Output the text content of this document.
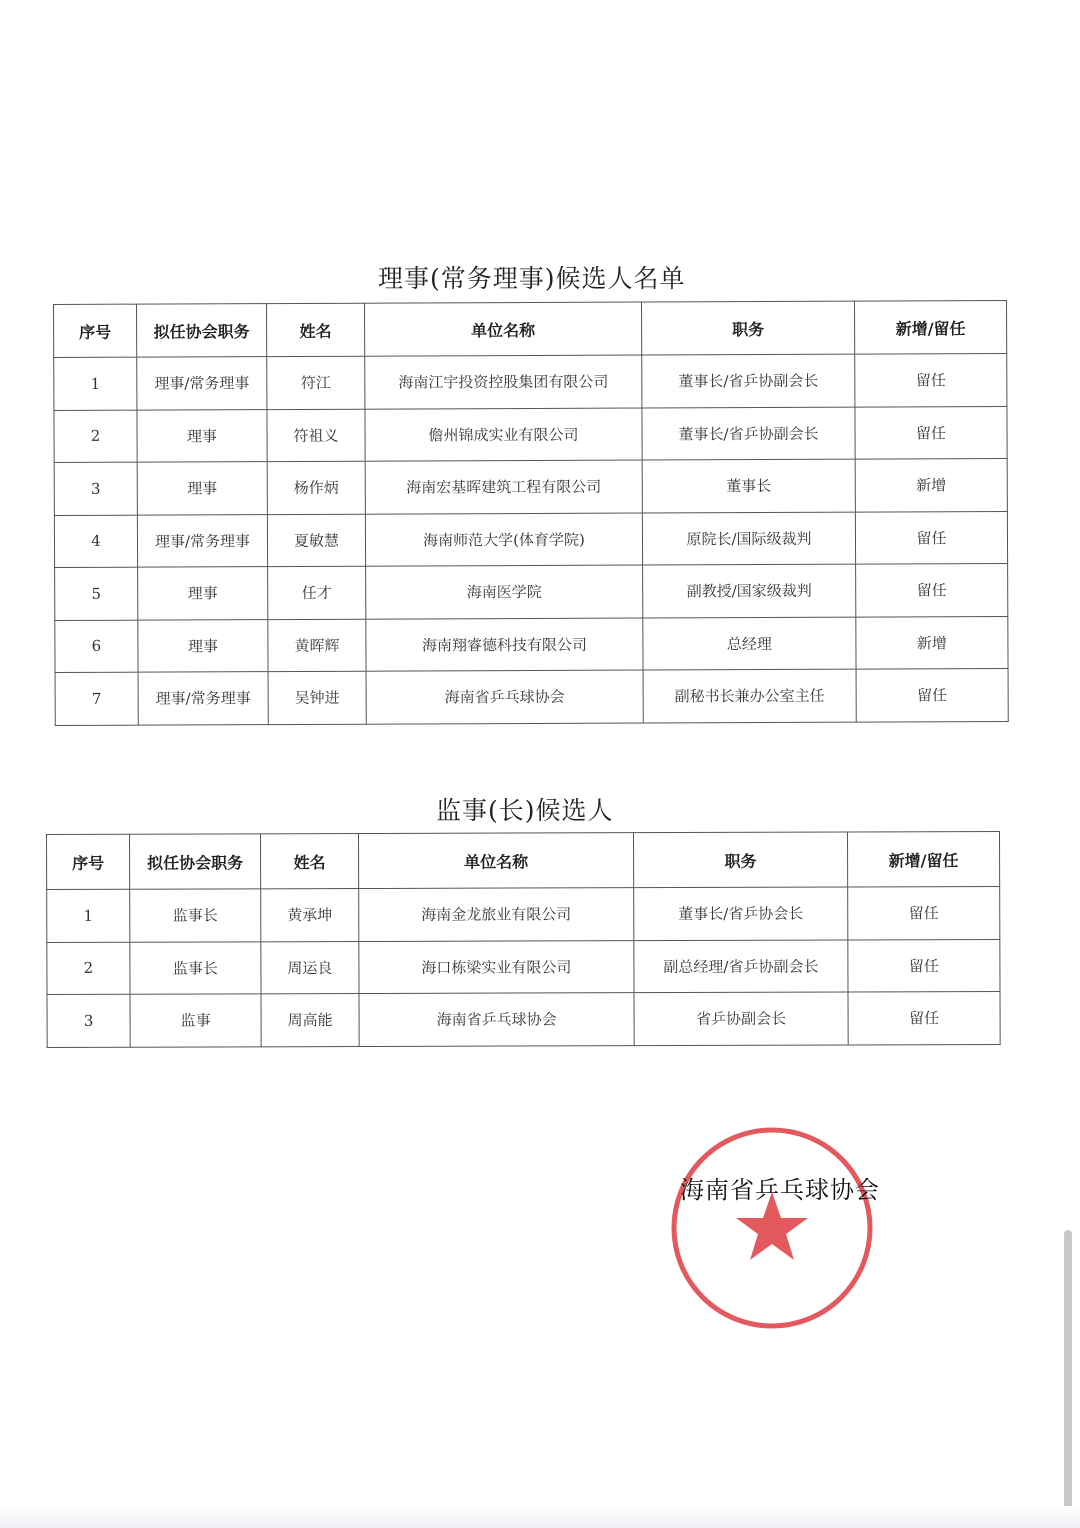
理事(常务理事)候选人名单
序号	拟任协会职务	姓名	单位名称	职务	新增/留任
1	理事/常务理事	符江	海南江宇投资控股集团有限公司	董事长/省乒协副会长	留任
2	理事	符祖义	儋州锦成实业有限公司	董事长/省乒协副会长	留任
3	理事	杨作炳	海南宏基晖建筑工程有限公司	董事长	新增
4	理事/常务理事	夏敏慧	海南师范大学(体育学院)	原院长/国际级裁判	留任
5	理事	任才	海南医学院	副教授/国家级裁判	留任
6	理事	黄晖辉	海南翔睿德科技有限公司	总经理	新增
7	理事/常务理事	吴钟进	海南省乒乓球协会	副秘书长兼办公室主任	留任
监事(长)候选人
序号	拟任协会职务	姓名	单位名称	职务	新增/留任
1	监事长	黄承坤	海南金龙旅业有限公司	董事长/省乒协会长	留任
2	监事长	周运良	海口栋梁实业有限公司	副总经理/省乒协副会长	留任
3	监事	周高能	海南省乒乓球协会	省乒协副会长	留任

海南省乒乓球协会
